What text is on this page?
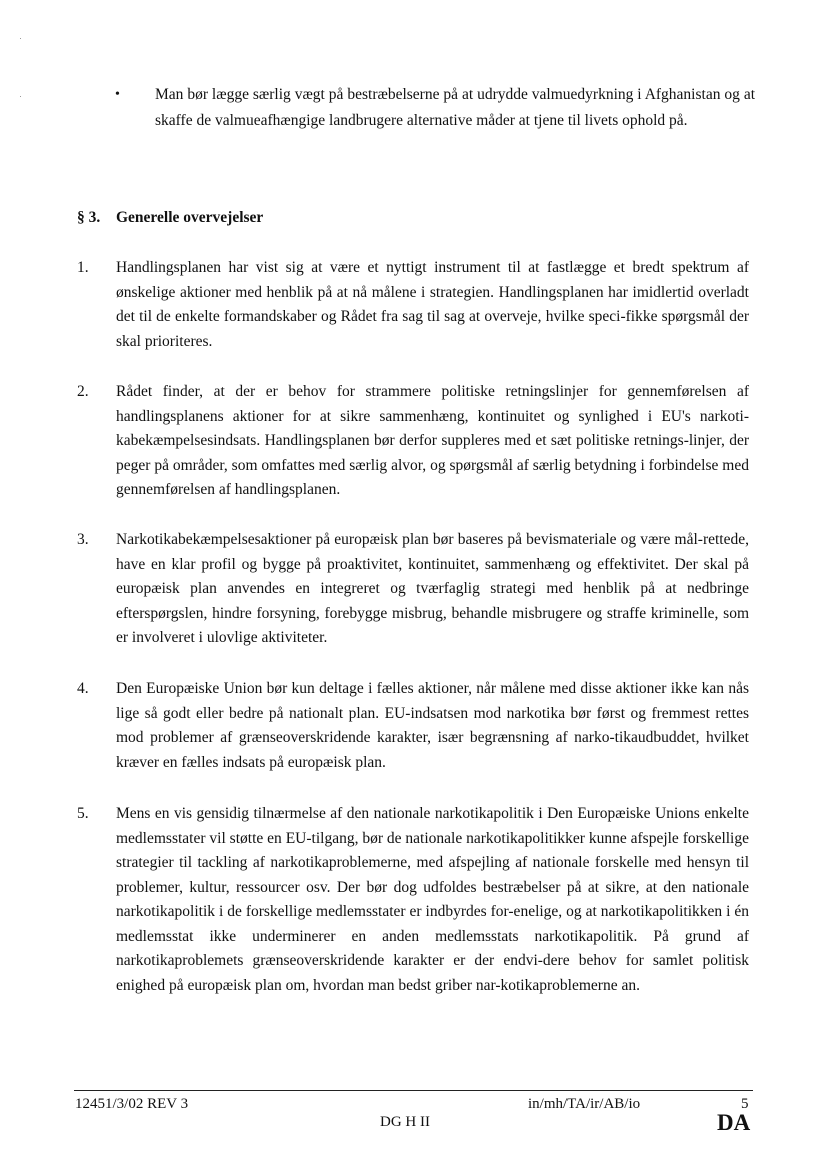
• Man bør lægge særlig vægt på bestræbelserne på at udrydde valmuedyrkning i Afghanistan og at skaffe de valmueafhængige landbrugere alternative måder at tjene til livets ophold på.
§ 3. Generelle overvejelser
1. Handlingsplanen har vist sig at være et nyttigt instrument til at fastlægge et bredt spektrum af ønskelige aktioner med henblik på at nå målene i strategien. Handlingsplanen har imidlertid overladt det til de enkelte formandskaber og Rådet fra sag til sag at overveje, hvilke speci-fikke spørgsmål der skal prioriteres.
2. Rådet finder, at der er behov for strammere politiske retningslinjer for gennemførelsen af handlingsplanens aktioner for at sikre sammenhæng, kontinuitet og synlighed i EU's narkoti-kabekæmpelsesindsats. Handlingsplanen bør derfor suppleres med et sæt politiske retnings-linjer, der peger på områder, som omfattes med særlig alvor, og spørgsmål af særlig betydning i forbindelse med gennemførelsen af handlingsplanen.
3. Narkotikabekæmpelsesaktioner på europæisk plan bør baseres på bevismateriale og være mål-rettede, have en klar profil og bygge på proaktivitet, kontinuitet, sammenhæng og effektivitet. Der skal på europæisk plan anvendes en integreret og tværfaglig strategi med henblik på at nedbringe efterspørgslen, hindre forsyning, forebygge misbrug, behandle misbrugere og straffe kriminelle, som er involveret i ulovlige aktiviteter.
4. Den Europæiske Union bør kun deltage i fælles aktioner, når målene med disse aktioner ikke kan nås lige så godt eller bedre på nationalt plan. EU-indsatsen mod narkotika bør først og fremmest rettes mod problemer af grænseoverskridende karakter, især begrænsning af narko-tikaudbuddet, hvilket kræver en fælles indsats på europæisk plan.
5. Mens en vis gensidig tilnærmelse af den nationale narkotikapolitik i Den Europæiske Unions enkelte medlemsstater vil støtte en EU-tilgang, bør de nationale narkotikapolitikker kunne afspejle forskellige strategier til tackling af narkotikaproblemerne, med afspejling af nationale forskelle med hensyn til problemer, kultur, ressourcer osv. Der bør dog udfoldes bestræbelser på at sikre, at den nationale narkotikapolitik i de forskellige medlemsstater er indbyrdes for-enelige, og at narkotikapolitikken i én medlemsstat ikke underminerer en anden medlemsstats narkotikapolitik. På grund af narkotikaproblemets grænseoverskridende karakter er der endvi-dere behov for samlet politisk enighed på europæisk plan om, hvordan man bedst griber nar-kotikaproblemerne an.
12451/3/02 REV 3	in/mh/TA/ir/AB/io	5
DG H II	DA
